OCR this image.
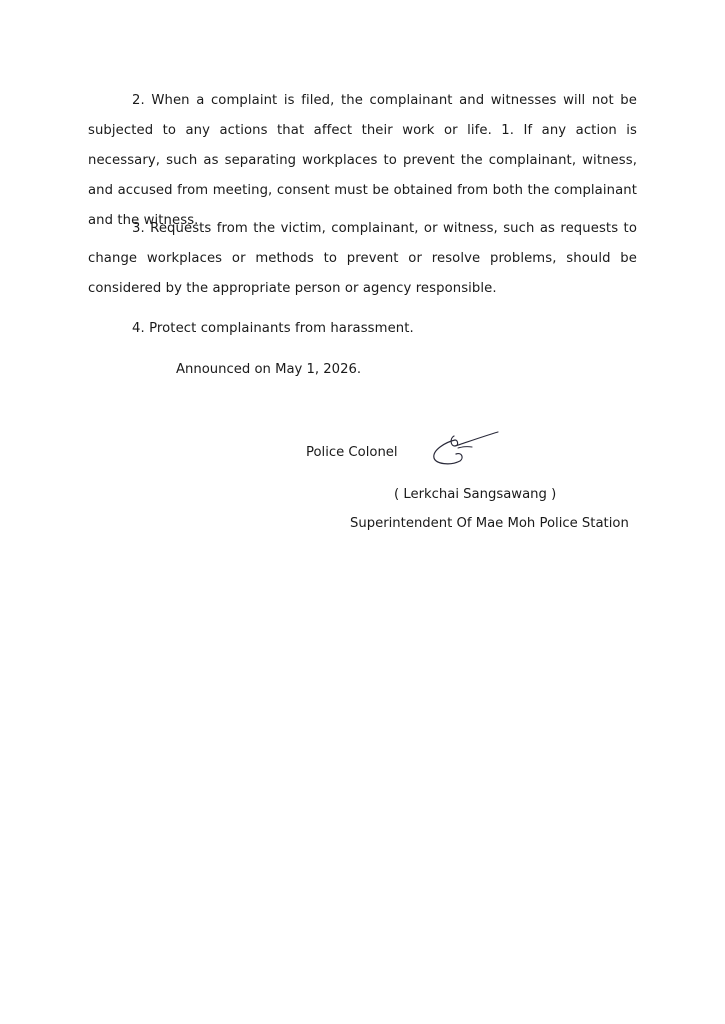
2. When a complaint is filed, the complainant and witnesses will not be subjected to any actions that affect their work or life. 1. If any action is necessary, such as separating workplaces to prevent the complainant, witness, and accused from meeting, consent must be obtained from both the complainant and the witness.

3. Requests from the victim, complainant, or witness, such as requests to change workplaces or methods to prevent or resolve problems, should be considered by the appropriate person or agency responsible.

4. Protect complainants from harassment.

Announced on May 1, 2026.

Police Colonel

( Lerkchai Sangsawang )

Superintendent Of Mae Moh Police Station
